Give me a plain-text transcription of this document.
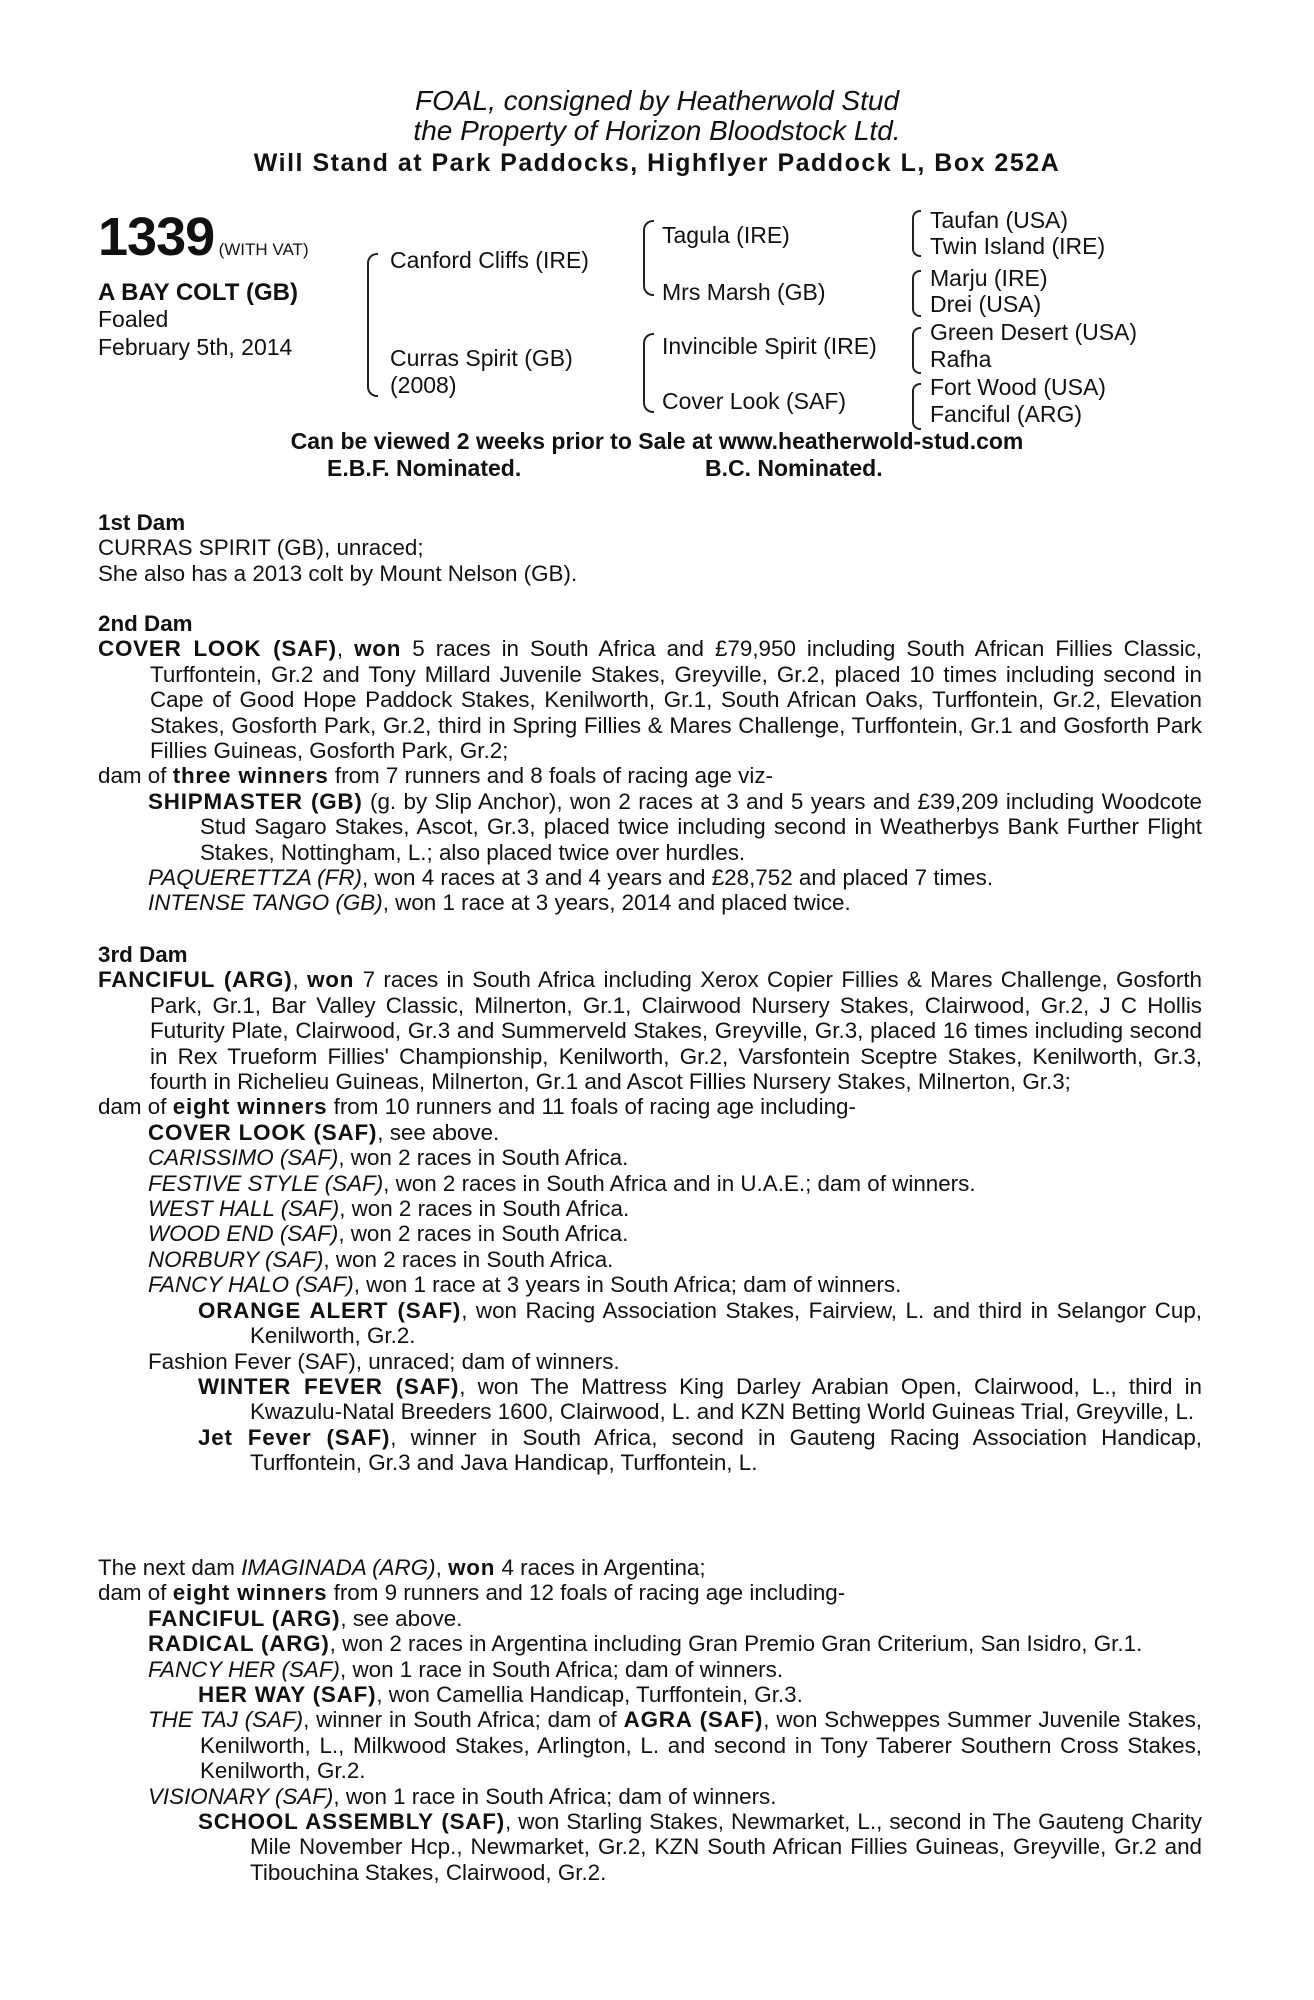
FOAL, consigned by Heatherwold Stud
the Property of Horizon Bloodstock Ltd.
Will Stand at Park Paddocks, Highflyer Paddock L, Box 252A
1339 (WITH VAT)
A BAY COLT (GB)
Foaled
February 5th, 2014
Canford Cliffs (IRE)
Curras Spirit (GB)
(2008)
Tagula (IRE)
Mrs Marsh (GB)
Invincible Spirit (IRE)
Cover Look (SAF)
Taufan (USA)
Twin Island (IRE)
Marju (IRE)
Drei (USA)
Green Desert (USA)
Rafha
Fort Wood (USA)
Fanciful (ARG)
Can be viewed 2 weeks prior to Sale at www.heatherwold-stud.com
E.B.F. Nominated.	B.C. Nominated.

1st Dam

CURRAS SPIRIT (GB), unraced;

She also has a 2013 colt by Mount Nelson (GB).

2nd Dam

COVER LOOK (SAF), won 5 races in South Africa and £79,950 including South African Fillies Classic, Turffontein, Gr.2 and Tony Millard Juvenile Stakes, Greyville, Gr.2, placed 10 times including second in Cape of Good Hope Paddock Stakes, Kenilworth, Gr.1, South African Oaks, Turffontein, Gr.2, Elevation Stakes, Gosforth Park, Gr.2, third in Spring Fillies & Mares Challenge, Turffontein, Gr.1 and Gosforth Park Fillies Guineas, Gosforth Park, Gr.2;

dam of three winners from 7 runners and 8 foals of racing age viz-

SHIPMASTER (GB) (g. by Slip Anchor), won 2 races at 3 and 5 years and £39,209 including Woodcote Stud Sagaro Stakes, Ascot, Gr.3, placed twice including second in Weatherbys Bank Further Flight Stakes, Nottingham, L.; also placed twice over hurdles.

PAQUERETTZA (FR), won 4 races at 3 and 4 years and £28,752 and placed 7 times.

INTENSE TANGO (GB), won 1 race at 3 years, 2014 and placed twice.

3rd Dam

FANCIFUL (ARG), won 7 races in South Africa including Xerox Copier Fillies & Mares Challenge, Gosforth Park, Gr.1, Bar Valley Classic, Milnerton, Gr.1, Clairwood Nursery Stakes, Clairwood, Gr.2, J C Hollis Futurity Plate, Clairwood, Gr.3 and Summerveld Stakes, Greyville, Gr.3, placed 16 times including second in Rex Trueform Fillies' Championship, Kenilworth, Gr.2, Varsfontein Sceptre Stakes, Kenilworth, Gr.3, fourth in Richelieu Guineas, Milnerton, Gr.1 and Ascot Fillies Nursery Stakes, Milnerton, Gr.3;

dam of eight winners from 10 runners and 11 foals of racing age including-

COVER LOOK (SAF), see above.

CARISSIMO (SAF), won 2 races in South Africa.

FESTIVE STYLE (SAF), won 2 races in South Africa and in U.A.E.; dam of winners.

WEST HALL (SAF), won 2 races in South Africa.

WOOD END (SAF), won 2 races in South Africa.

NORBURY (SAF), won 2 races in South Africa.

FANCY HALO (SAF), won 1 race at 3 years in South Africa; dam of winners.

ORANGE ALERT (SAF), won Racing Association Stakes, Fairview, L. and third in Selangor Cup, Kenilworth, Gr.2.

Fashion Fever (SAF), unraced; dam of winners.

WINTER FEVER (SAF), won The Mattress King Darley Arabian Open, Clairwood, L., third in Kwazulu-Natal Breeders 1600, Clairwood, L. and KZN Betting World Guineas Trial, Greyville, L.

Jet Fever (SAF), winner in South Africa, second in Gauteng Racing Association Handicap, Turffontein, Gr.3 and Java Handicap, Turffontein, L.

The next dam IMAGINADA (ARG), won 4 races in Argentina;

dam of eight winners from 9 runners and 12 foals of racing age including-

FANCIFUL (ARG), see above.

RADICAL (ARG), won 2 races in Argentina including Gran Premio Gran Criterium, San Isidro, Gr.1.

FANCY HER (SAF), won 1 race in South Africa; dam of winners.

HER WAY (SAF), won Camellia Handicap, Turffontein, Gr.3.

THE TAJ (SAF), winner in South Africa; dam of AGRA (SAF), won Schweppes Summer Juvenile Stakes, Kenilworth, L., Milkwood Stakes, Arlington, L. and second in Tony Taberer Southern Cross Stakes, Kenilworth, Gr.2.

VISIONARY (SAF), won 1 race in South Africa; dam of winners.

SCHOOL ASSEMBLY (SAF), won Starling Stakes, Newmarket, L., second in The Gauteng Charity Mile November Hcp., Newmarket, Gr.2, KZN South African Fillies Guineas, Greyville, Gr.2 and Tibouchina Stakes, Clairwood, Gr.2.
